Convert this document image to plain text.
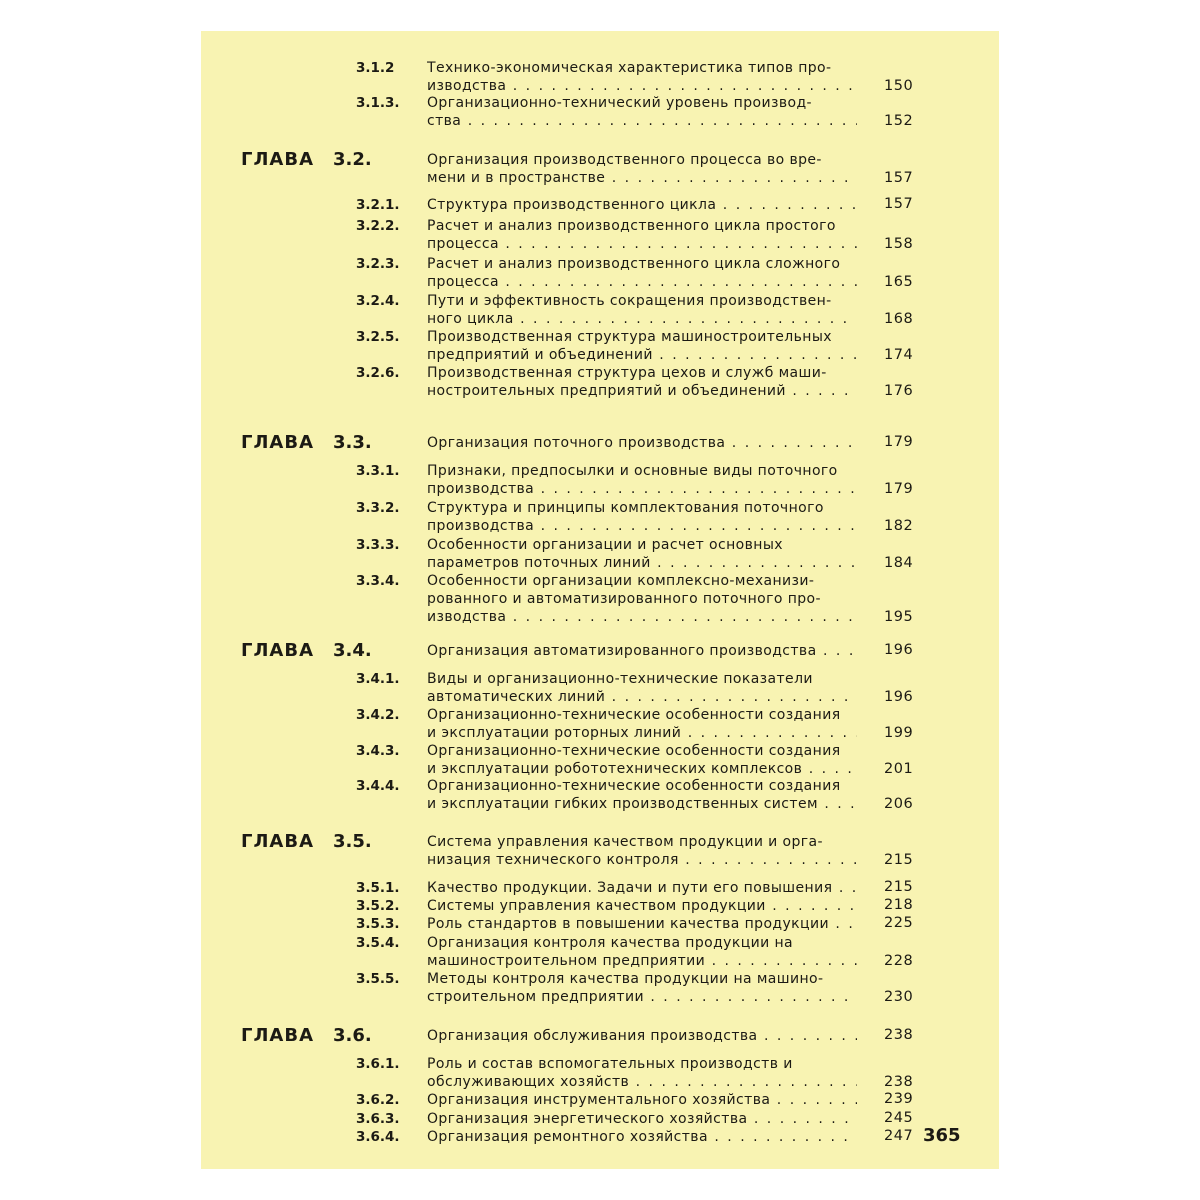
3.1.2 Технико-экономическая характеристика типов про-
изводства . . .	150
3.1.3. Организационно-технический уровень производ-
ства . . .	152
ГЛАВА 3.2.	Организация производственного процесса во вре-
мени и в пространстве . . .	157
3.2.1. Структура производственного цикла . . .	157
3.2.2. Расчет и анализ производственного цикла простого
процесса . . .	158
3.2.3. Расчет и анализ производственного цикла сложного
процесса . . .	165
3.2.4. Пути и эффективность сокращения производствен-
ного цикла . . .	168
3.2.5. Производственная структура машиностроительных
предприятий и объединений . . .	174
3.2.6. Производственная структура цехов и служб маши-
ностроительных предприятий и объединений . . .	176
ГЛАВА 3.3.	Организация поточного производства . . .	179
3.3.1. Признаки, предпосылки и основные виды поточного
производства . . .	179
3.3.2. Структура и принципы комплектования поточного
производства . . .	182
3.3.3. Особенности организации и расчет основных
параметров поточных линий . . .	184
3.3.4. Особенности организации комплексно-механизи-
рованного и автоматизированного поточного про-
изводства . . .	195
ГЛАВА 3.4.	Организация автоматизированного производства . . .	196
3.4.1. Виды и организационно-технические показатели
автоматических линий . . .	196
3.4.2. Организационно-технические особенности создания
и эксплуатации роторных линий . . .	199
3.4.3. Организационно-технические особенности создания
и эксплуатации робототехнических комплексов . . .	201
3.4.4. Организационно-технические особенности создания
и эксплуатации гибких производственных систем . . .	206
ГЛАВА 3.5.	Система управления качеством продукции и орга-
низация технического контроля . . .	215
3.5.1. Качество продукции. Задачи и пути его повышения . . .	215
3.5.2. Системы управления качеством продукции . . .	218
3.5.3. Роль стандартов в повышении качества продукции . . .	225
3.5.4. Организация контроля качества продукции на
машиностроительном предприятии . . .	228
3.5.5. Методы контроля качества продукции на машино-
строительном предприятии . . .	230
ГЛАВА 3.6.	Организация обслуживания производства . . .	238
3.6.1. Роль и состав вспомогательных производств и
обслуживающих хозяйств . . .	238
3.6.2. Организация инструментального хозяйства . . .	239
3.6.3. Организация энергетического хозяйства . . .	245
3.6.4. Организация ремонтного хозяйства . . .	247 365
